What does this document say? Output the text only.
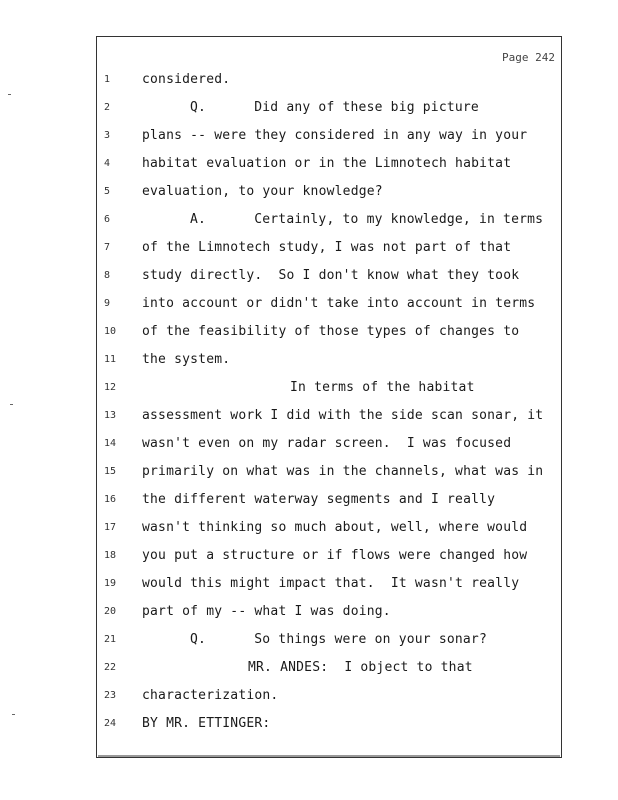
Page 242
1	considered.
2	Q.      Did any of these big picture
3	plans -- were they considered in any way in your
4	habitat evaluation or in the Limnotech habitat
5	evaluation, to your knowledge?
6	A.      Certainly, to my knowledge, in terms
7	of the Limnotech study, I was not part of that
8	study directly.  So I don't know what they took
9	into account or didn't take into account in terms
10	of the feasibility of those types of changes to
11	the system.
12	In terms of the habitat
13	assessment work I did with the side scan sonar, it
14	wasn't even on my radar screen.  I was focused
15	primarily on what was in the channels, what was in
16	the different waterway segments and I really
17	wasn't thinking so much about, well, where would
18	you put a structure or if flows were changed how
19	would this might impact that.  It wasn't really
20	part of my -- what I was doing.
21	Q.      So things were on your sonar?
22	MR. ANDES:  I object to that
23	characterization.
24	BY MR. ETTINGER:
